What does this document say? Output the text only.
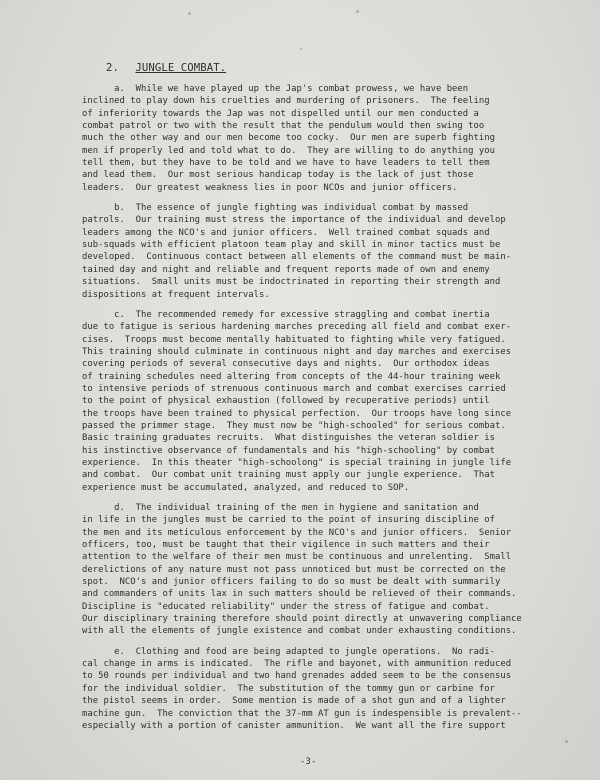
2. JUNGLE COMBAT.
a.  While we have played up the Jap's combat prowess, we have been
inclined to play down his cruelties and murdering of prisoners.  The feeling
of inferiority towards the Jap was not dispelled until our men conducted a
combat patrol or two with the result that the pendulum would then swing too
much the other way and our men become too cocky.  Our men are superb fighting
men if properly led and told what to do.  They are willing to do anything you
tell them, but they have to be told and we have to have leaders to tell them
and lead them.  Our most serious handicap today is the lack of just those
leaders.  Our greatest weakness lies in poor NCOs and junior officers.
b.  The essence of jungle fighting was individual combat by massed
patrols.  Our training must stress the importance of the individual and develop
leaders among the NCO's and junior officers.  Well trained combat squads and
sub-squads with efficient platoon team play and skill in minor tactics must be
developed.  Continuous contact between all elements of the command must be main-
tained day and night and reliable and frequent reports made of own and enemy
situations.  Small units must be indoctrinated in reporting their strength and
dispositions at frequent intervals.
c.  The recommended remedy for excessive straggling and combat inertia
due to fatigue is serious hardening marches preceding all field and combat exer-
cises.  Troops must become mentally habituated to fighting while very fatigued.
This training should culminate in continuous night and day marches and exercises
covering periods of several consecutive days and nights.  Our orthodox ideas
of training schedules need altering from concepts of the 44-hour training week
to intensive periods of strenuous continuous march and combat exercises carried
to the point of physical exhaustion (followed by recuperative periods) until
the troops have been trained to physical perfection.  Our troops have long since
passed the primmer stage.  They must now be "high-schooled" for serious combat.
Basic training graduates recruits.  What distinguishes the veteran soldier is
his instinctive observance of fundamentals and his "high-schooling" by combat
experience.  In this theater "high-schoolong" is special training in jungle life
and combat.  Our combat unit training must apply our jungle experience.  That
experience must be accumulated, analyzed, and reduced to SOP.
d.  The individual training of the men in hygiene and sanitation and
in life in the jungles must be carried to the point of insuring discipline of
the men and its meticulous enforcement by the NCO's and junior officers.  Senior
officers, too, must be taught that their vigilence in such matters and their
attention to the welfare of their men must be continuous and unrelenting.  Small
derelictions of any nature must not pass unnoticed but must be corrected on the
spot.  NCO's and junior officers failing to do so must be dealt with summarily
and commanders of units lax in such matters should be relieved of their commands.
Discipline is "educated reliability" under the stress of fatigue and combat.
Our disciplinary training therefore should point directly at unwavering compliance
with all the elements of jungle existence and combat under exhausting conditions.
e.  Clothing and food are being adapted to jungle operations.  No radi-
cal change in arms is indicated.  The rifle and bayonet, with ammunition reduced
to 50 rounds per individual and two hand grenades added seem to be the consensus
for the individual soldier.  The substitution of the tommy gun or carbine for
the pistol seems in order.  Some mention is made of a shot gun and of a lighter
machine gun.  The conviction that the 37-mm AT gun is indespensible is prevalent--
especially with a portion of canister ammunition.  We want all the fire support
-3-
